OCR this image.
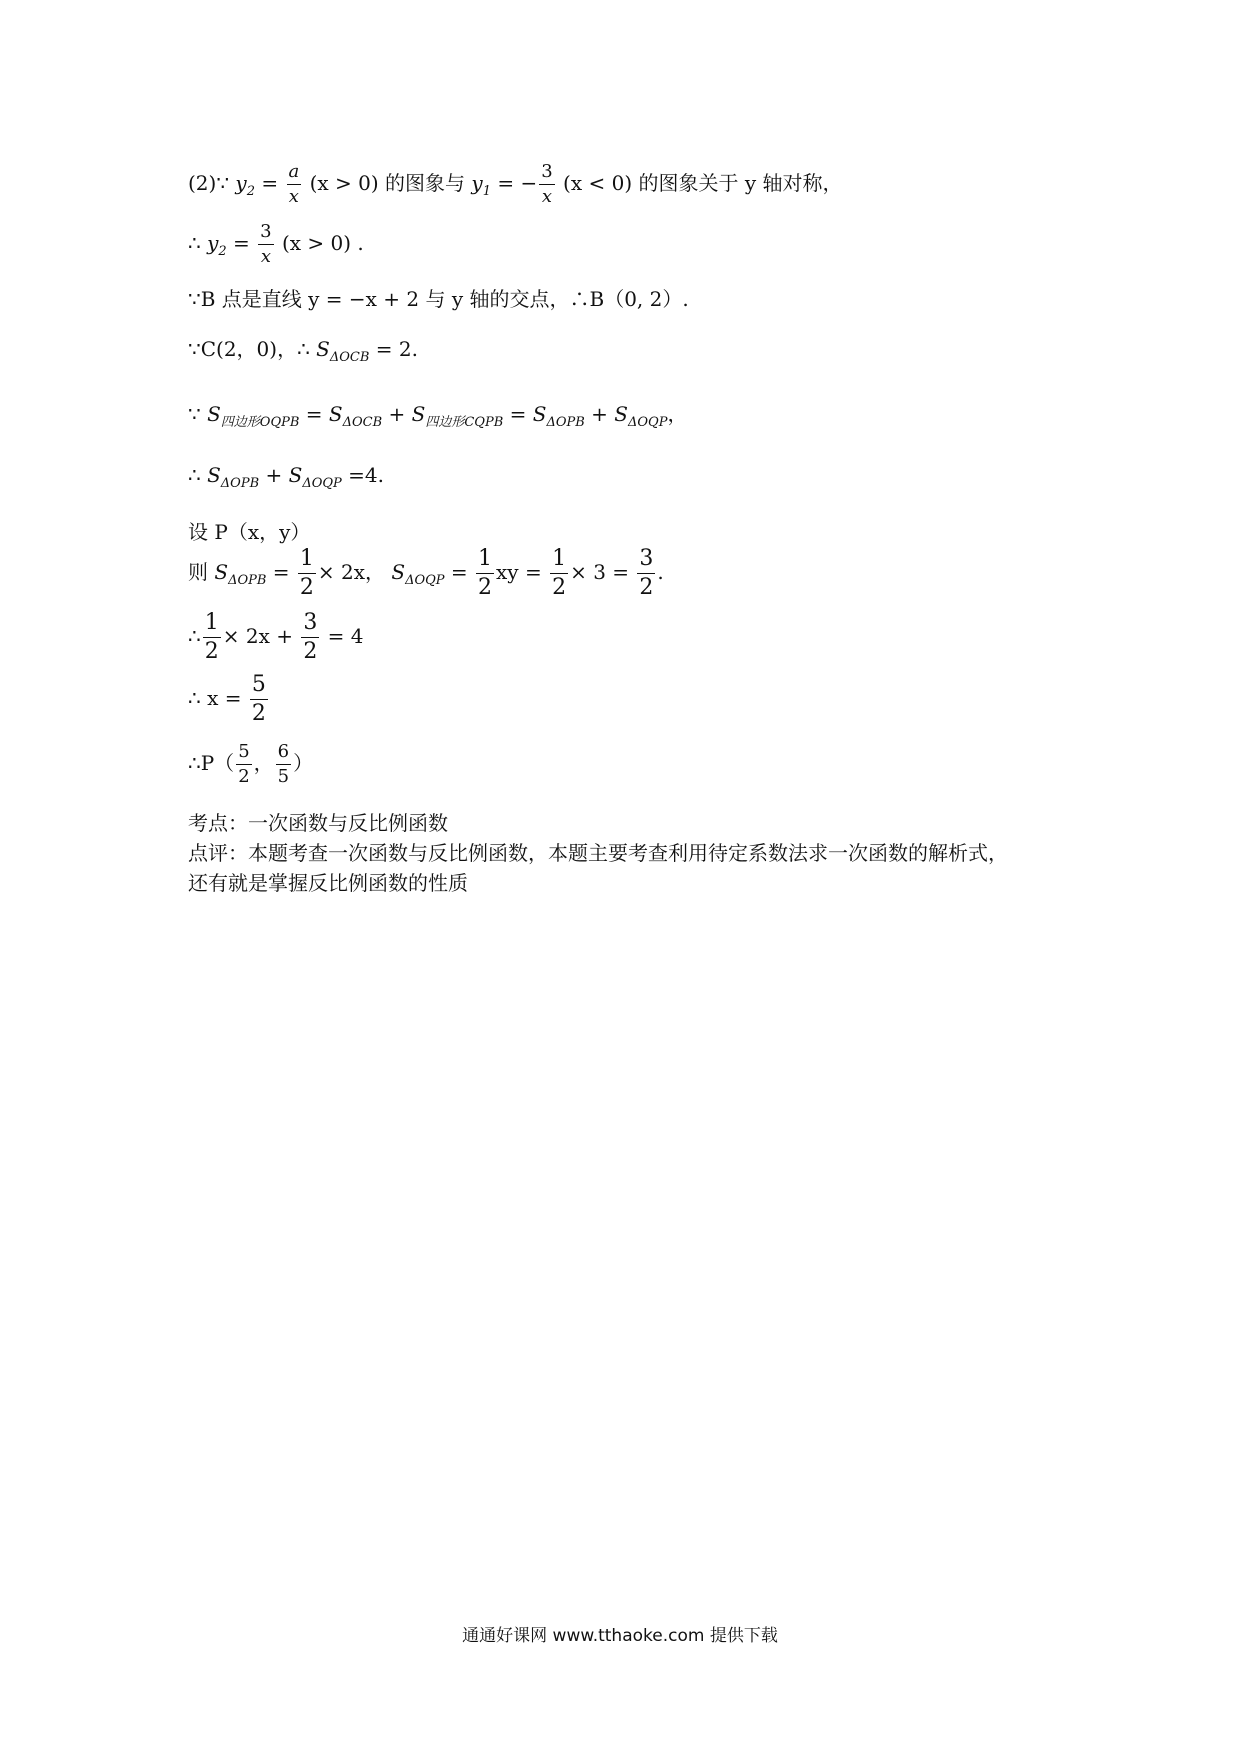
(2)∵ $y_2 = \frac{a}{x} (x > 0)$ 的图象与 $y_1$ = − $\frac{3}{x} (x < 0)$ 的图象关于 y 轴对称，
∴ $y_2 = \frac{3}{x} (x > 0)$ .
∵B 点是直线 y = −x + 2 与 y 轴的交点，∴B（0, 2）.
∵C(2，0)，∴ $S_{\Delta OCB} = 2$.
∵ $S_{四边形OQPB} = S_{\Delta OCB} + S_{四边形CQPB} = S_{\Delta OPB} + S_{\Delta OQP}$，
∴ $S_{\Delta OPB} + S_{\Delta OQP} =4$.
设 P（x，y）
则 $S_{\Delta OPB} = \frac{1}{2} \times 2x$， $S_{\Delta OQP} = \frac{1}{2}$ xy = $\frac{1}{2} \times 3 = \frac{3}{2}$ .
∴ $\frac{1}{2} \times 2x + \frac{3}{2} = 4$
∴ $x = \frac{5}{2}$
∴P（ $\frac{5}{2}$ ， $\frac{6}{5}$ ）
考点：一次函数与反比例函数
点评：本题考查一次函数与反比例函数，本题主要考查利用待定系数法求一次函数的解析式，
还有就是掌握反比例函数的性质
通通好课网 www.tthaoke.com 提供下载
